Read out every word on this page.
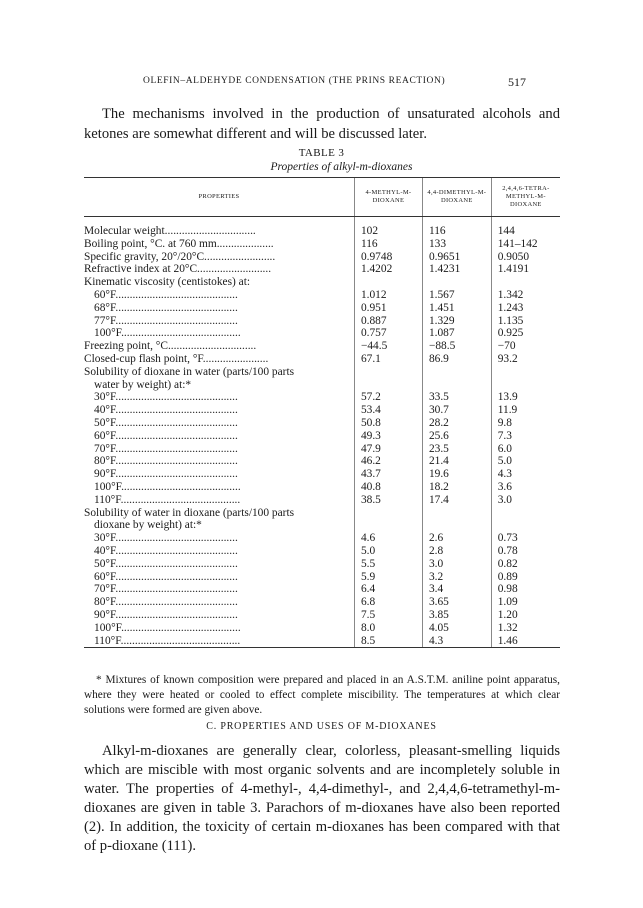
OLEFIN–ALDEHYDE CONDENSATION (THE PRINS REACTION)	517

The mechanisms involved in the production of unsaturated alcohols and ketones are somewhat different and will be discussed later.

TABLE 3
Properties of alkyl-m-dioxanes
PROPERTIES	4-METHYL-M-DIOXANE	4,4-DIMETHYL-M-DIOXANE	2,4,4,6-TETRA-METHYL-M-DIOXANE

Molecular weight................................	102	116	144

Boiling point, °C. at 760 mm....................	116	133	141–142

Specific gravity, 20°/20°C.........................	0.9748	0.9651	0.9050

Refractive index at 20°C..........................	1.4202	1.4231	1.4191

Kinematic viscosity (centistokes) at:			

60°F...........................................	1.012	1.567	1.342

68°F...........................................	0.951	1.451	1.243

77°F...........................................	0.887	1.329	1.135

100°F..........................................	0.757	1.087	0.925

Freezing point, °C...............................	−44.5	−88.5	−70

Closed-cup flash point, °F.......................	67.1	86.9	93.2

Solubility of dioxane in water (parts/100 parts			

water by weight) at:*			

30°F...........................................	57.2	33.5	13.9

40°F...........................................	53.4	30.7	11.9

50°F...........................................	50.8	28.2	9.8

60°F...........................................	49.3	25.6	7.3

70°F...........................................	47.9	23.5	6.0

80°F...........................................	46.2	21.4	5.0

90°F...........................................	43.7	19.6	4.3

100°F..........................................	40.8	18.2	3.6

110°F..........................................	38.5	17.4	3.0

Solubility of water in dioxane (parts/100 parts			

dioxane by weight) at:*			

30°F...........................................	4.6	2.6	0.73

40°F...........................................	5.0	2.8	0.78

50°F...........................................	5.5	3.0	0.82

60°F...........................................	5.9	3.2	0.89

70°F...........................................	6.4	3.4	0.98

80°F...........................................	6.8	3.65	1.09

90°F...........................................	7.5	3.85	1.20

100°F..........................................	8.0	4.05	1.32

110°F..........................................	8.5	4.3	1.46

* Mixtures of known composition were prepared and placed in an A.S.T.M. aniline point apparatus, where they were heated or cooled to effect complete miscibility. The temperatures at which clear solutions were formed are given above.

C. PROPERTIES AND USES OF M-DIOXANES

Alkyl-m-dioxanes are generally clear, colorless, pleasant-smelling liquids which are miscible with most organic solvents and are incompletely soluble in water. The properties of 4-methyl-, 4,4-dimethyl-, and 2,4,4,6-tetramethyl-m-dioxanes are given in table 3. Parachors of m-dioxanes have also been reported (2). In addition, the toxicity of certain m-dioxanes has been compared with that of p-dioxane (111).
